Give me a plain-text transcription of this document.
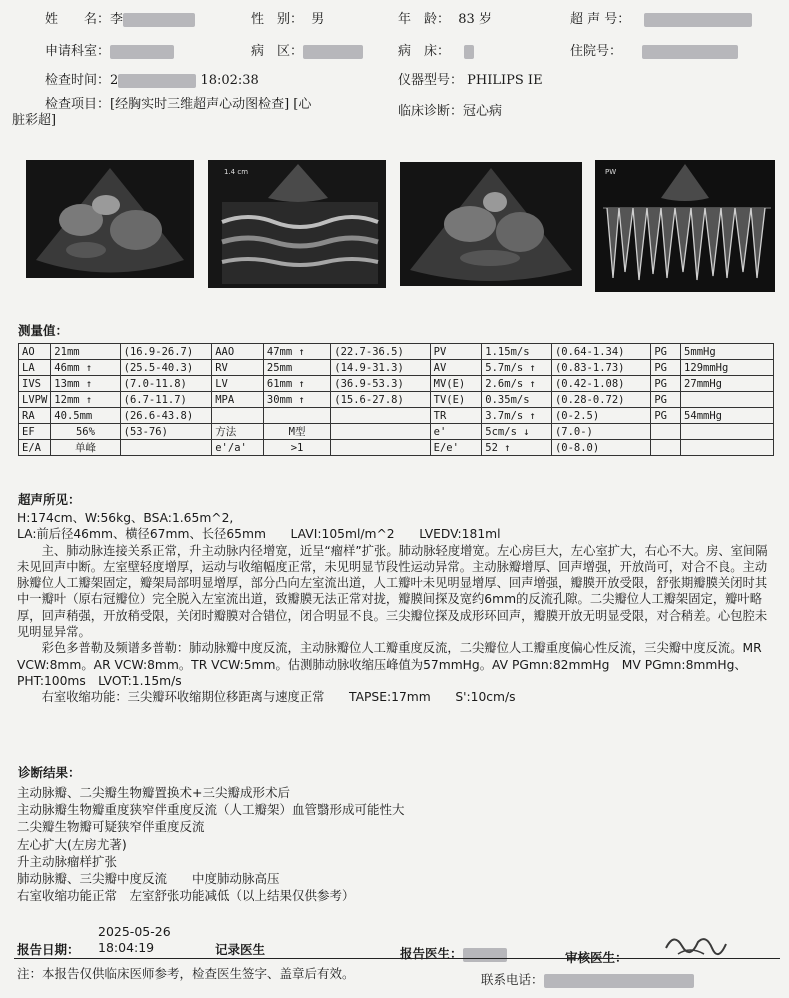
姓　　名：李	性　别： 男	年　龄： 83 岁	超 声 号：
申请科室：	病　区：	病　床：	住院号：
检查时间：2	18:02:38	仪器型号： PHILIPS IE
检查项目：[经胸实时三维超声心动图检查] [心
脏彩超]
临床诊断：冠心病
1.4 cm	PW
测量值：
AO	21mm	(16.9-26.7)	AAO	47mm ↑	(22.7-36.5)	PV	1.15m/s	(0.64-1.34)	PG	5mmHg
LA	46mm ↑	(25.5-40.3)	RV	25mm	(14.9-31.3)	AV	5.7m/s ↑	(0.83-1.73)	PG	129mmHg
IVS	13mm ↑	(7.0-11.8)	LV	61mm ↑	(36.9-53.3)	MV(E)	2.6m/s ↑	(0.42-1.08)	PG	27mmHg
LVPW	12mm ↑	(6.7-11.7)	MPA	30mm ↑	(15.6-27.8)	TV(E)	0.35m/s	(0.28-0.72)	PG	
RA	40.5mm	(26.6-43.8)				TR	3.7m/s ↑	(0-2.5)	PG	54mmHg
EF	56%	(53-76)	方法	M型		e'	5cm/s ↓	(7.0-)		
E/A	单峰		e'/a'	>1		E/e'	52 ↑	(0-8.0)		
超声所见：

H:174cm、W:56kg、BSA:1.65m^2,

LA:前后径46mm、横径67mm、长径65mm　　LAVI:105ml/m^2　　LVEDV:181ml

　　主、肺动脉连接关系正常，升主动脉内径增宽，近呈“瘤样”扩张。肺动脉轻度增宽。左心房巨大，左心室扩大，右心不大。房、室间隔未见回声中断。左室壁轻度增厚，运动与收缩幅度正常，未见明显节段性运动异常。主动脉瓣增厚、回声增强，开放尚可，对合不良。主动脉瓣位人工瓣架固定，瓣架局部明显增厚，部分凸向左室流出道，人工瓣叶未见明显增厚、回声增强，瓣膜开放受限，舒张期瓣膜关闭时其中一瓣叶（原右冠瓣位）完全脱入左室流出道，致瓣膜无法正常对拢，瓣膜间探及宽约6mm的反流孔隙。二尖瓣位人工瓣架固定，瓣叶略厚，回声稍强，开放稍受限，关闭时瓣膜对合错位，闭合明显不良。三尖瓣位探及成形环回声，瓣膜开放无明显受限，对合稍差。心包腔未见明显异常。

　　彩色多普勒及频谱多普勒：肺动脉瓣中度反流，主动脉瓣位人工瓣重度反流，二尖瓣位人工瓣重度偏心性反流，三尖瓣中度反流。MR VCW:8mm。AR VCW:8mm。TR VCW:5mm。估测肺动脉收缩压峰值为57mmHg。AV PGmn:82mmHg　MV PGmn:8mmHg、PHT:100ms　LVOT:1.15m/s

　　右室收缩功能：三尖瓣环收缩期位移距离与速度正常　　TAPSE:17mm　　S':10cm/s

诊断结果：
主动脉瓣、二尖瓣生物瓣置换术+三尖瓣成形术后
主动脉瓣生物瓣重度狭窄伴重度反流（人工瓣架）血管翳形成可能性大
二尖瓣生物瓣可疑狭窄伴重度反流
左心扩大(左房尤著)
升主动脉瘤样扩张
肺动脉瓣、三尖瓣中度反流　　中度肺动脉高压
右室收缩功能正常　左室舒张功能减低（以上结果仅供参考）
2025-05-26
报告日期： 18:04:19	记录医生	报告医生：	审核医生：
注：本报告仅供临床医师参考，检查医生签字、盖章后有效。	联系电话：
